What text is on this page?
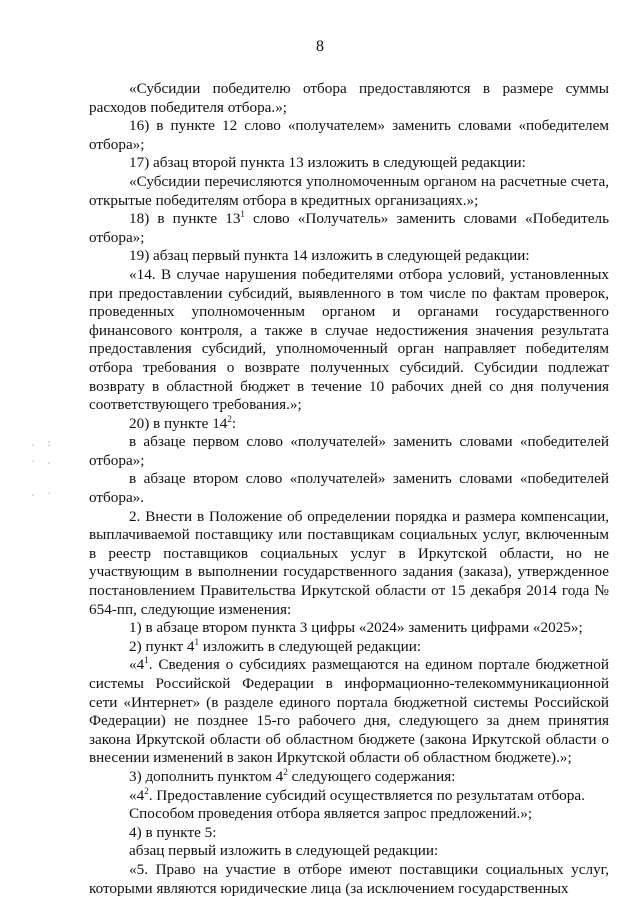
8
. :
- .
. -

«Субсидии победителю отбора предоставляются в размере суммы расходов победителя отбора.»;

16) в пункте 12 слово «получателем» заменить словами «победителем отбора»;

17) абзац второй пункта 13 изложить в следующей редакции:

«Субсидии перечисляются уполномоченным органом на расчетные счета, открытые победителям отбора в кредитных организациях.»;

18) в пункте $13^1$ слово «Получатель» заменить словами «Победитель отбора»;

19) абзац первый пункта 14 изложить в следующей редакции:

«14. В случае нарушения победителями отбора условий, установленных при предоставлении субсидий, выявленного в том числе по фактам проверок, проведенных уполномоченным органом и органами государственного финансового контроля, а также в случае недостижения значения результата предоставления субсидий, уполномоченный орган направляет победителям отбора требования о возврате полученных субсидий. Субсидии подлежат возврату в областной бюджет в течение 10 рабочих дней со дня получения соответствующего требования.»;

20) в пункте $14^2$:

в абзаце первом слово «получателей» заменить словами «победителей отбора»;

в абзаце втором слово «получателей» заменить словами «победителей отбора».

2. Внести в Положение об определении порядка и размера компенсации, выплачиваемой поставщику или поставщикам социальных услуг, включенным в реестр поставщиков социальных услуг в Иркутской области, но не участвующим в выполнении государственного задания (заказа), утвержденное постановлением Правительства Иркутской области от 15 декабря 2014 года № 654-пп, следующие изменения:

1) в абзаце втором пункта 3 цифры «2024» заменить цифрами «2025»;

2) пункт $4^1$ изложить в следующей редакции:

«$4^1$. Сведения о субсидиях размещаются на едином портале бюджетной системы Российской Федерации в информационно-телекоммуникационной сети «Интернет» (в разделе единого портала бюджетной системы Российской Федерации) не позднее 15-го рабочего дня, следующего за днем принятия закона Иркутской области об областном бюджете (закона Иркутской области о внесении изменений в закон Иркутской области об областном бюджете).»;

3) дополнить пунктом $4^2$ следующего содержания:

«$4^2$. Предоставление субсидий осуществляется по результатам отбора.

Способом проведения отбора является запрос предложений.»;

4) в пункте 5:

абзац первый изложить в следующей редакции:

«5. Право на участие в отборе имеют поставщики социальных услуг, которыми являются юридические лица (за исключением государственных
